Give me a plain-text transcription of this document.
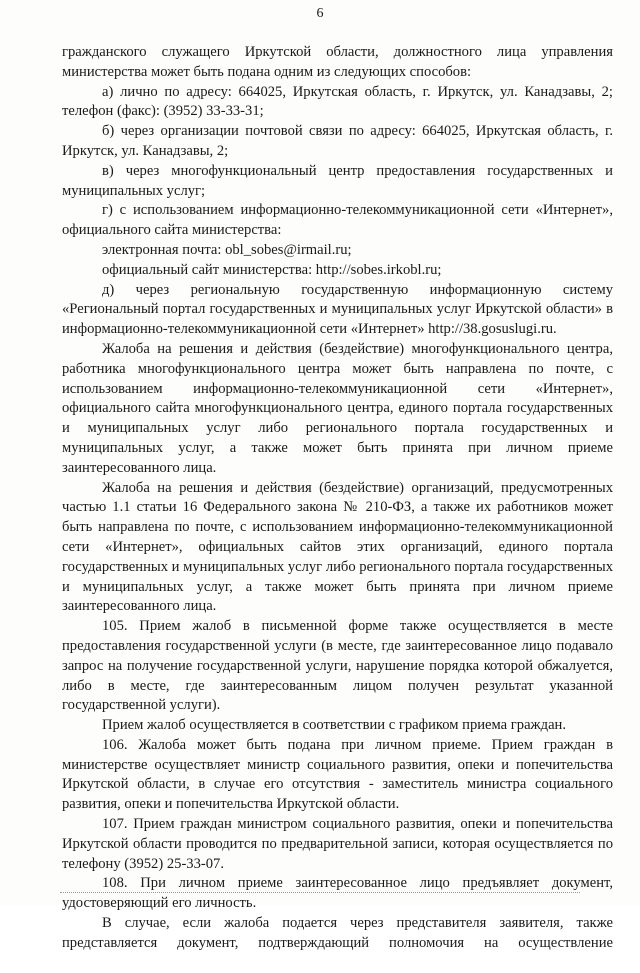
6

гражданского служащего Иркутской области, должностного лица управления министерства может быть подана одним из следующих способов:

а) лично по адресу: 664025, Иркутская область, г. Иркутск, ул. Канадзавы, 2; телефон (факс): (3952) 33-33-31;

б) через организации почтовой связи по адресу: 664025, Иркутская область, г. Иркутск, ул. Канадзавы, 2;

в) через многофункциональный центр предоставления государственных и муниципальных услуг;

г) с использованием информационно-телекоммуникационной сети «Интернет», официального сайта министерства:

электронная почта: obl_sobes@irmail.ru;

официальный сайт министерства: http://sobes.irkobl.ru;

д) через региональную государственную информационную систему «Региональный портал государственных и муниципальных услуг Иркутской области» в информационно-телекоммуникационной сети «Интернет» http://38.gosuslugi.ru.

Жалоба на решения и действия (бездействие) многофункционального центра, работника многофункционального центра может быть направлена по почте, с использованием информационно-телекоммуникационной сети «Интернет», официального сайта многофункционального центра, единого портала государственных и муниципальных услуг либо регионального портала государственных и муниципальных услуг, а также может быть принята при личном приеме заинтересованного лица.

Жалоба на решения и действия (бездействие) организаций, предусмотренных частью 1.1 статьи 16 Федерального закона № 210-ФЗ, а также их работников может быть направлена по почте, с использованием информационно-телекоммуникационной сети «Интернет», официальных сайтов этих организаций, единого портала государственных и муниципальных услуг либо регионального портала государственных и муниципальных услуг, а также может быть принята при личном приеме заинтересованного лица.

105. Прием жалоб в письменной форме также осуществляется в месте предоставления государственной услуги (в месте, где заинтересованное лицо подавало запрос на получение государственной услуги, нарушение порядка которой обжалуется, либо в месте, где заинтересованным лицом получен результат указанной государственной услуги).

Прием жалоб осуществляется в соответствии с графиком приема граждан.

106. Жалоба может быть подана при личном приеме. Прием граждан в министерстве осуществляет министр социального развития, опеки и попечительства Иркутской области, в случае его отсутствия - заместитель министра социального развития, опеки и попечительства Иркутской области.

107. Прием граждан министром социального развития, опеки и попечительства Иркутской области проводится по предварительной записи, которая осуществляется по телефону (3952) 25-33-07.

108. При личном приеме заинтересованное лицо предъявляет документ, удостоверяющий его личность.

В случае, если жалоба подается через представителя заявителя, также представляется документ, подтверждающий полномочия на осуществление
